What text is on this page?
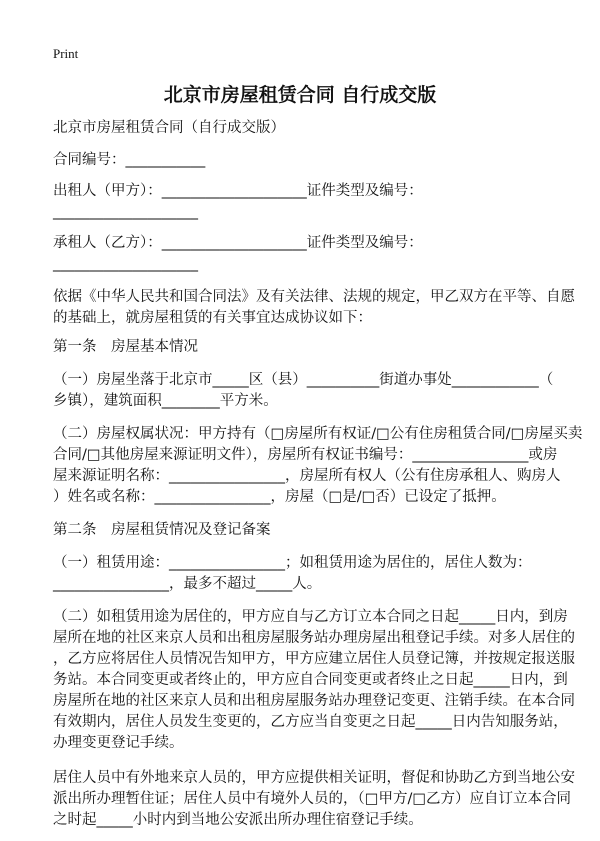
Print
北京市房屋租赁合同 自行成交版
北京市房屋租赁合同（自行成交版）
合同编号：___________
出租人（甲方）：____________________证件类型及编号：
____________________
承租人（乙方）：____________________证件类型及编号：
____________________
依据《中华人民共和国合同法》及有关法律、法规的规定，甲乙双方在平等、自愿
的基础上，就房屋租赁的有关事宜达成协议如下：
第一条　房屋基本情况
（一）房屋坐落于北京市_____区（县）__________街道办事处____________（
乡镇），建筑面积________平方米。
（二）房屋权属状况：甲方持有（□房屋所有权证/□公有住房租赁合同/□房屋买卖
合同/□其他房屋来源证明文件），房屋所有权证书编号：________________或房
屋来源证明名称：________________，房屋所有权人（公有住房承租人、购房人
）姓名或名称：________________，房屋（□是/□否）已设定了抵押。
第二条　房屋租赁情况及登记备案
（一）租赁用途：________________；如租赁用途为居住的，居住人数为：
________________，最多不超过_____人。
（二）如租赁用途为居住的，甲方应自与乙方订立本合同之日起_____日内，到房
屋所在地的社区来京人员和出租房屋服务站办理房屋出租登记手续。对多人居住的
，乙方应将居住人员情况告知甲方，甲方应建立居住人员登记簿，并按规定报送服
务站。本合同变更或者终止的，甲方应自合同变更或者终止之日起_____日内，到
房屋所在地的社区来京人员和出租房屋服务站办理登记变更、注销手续。在本合同
有效期内，居住人员发生变更的，乙方应当自变更之日起_____日内告知服务站，
办理变更登记手续。
居住人员中有外地来京人员的，甲方应提供相关证明，督促和协助乙方到当地公安
派出所办理暂住证；居住人员中有境外人员的，（□甲方/□乙方）应自订立本合同
之时起_____小时内到当地公安派出所办理住宿登记手续。
